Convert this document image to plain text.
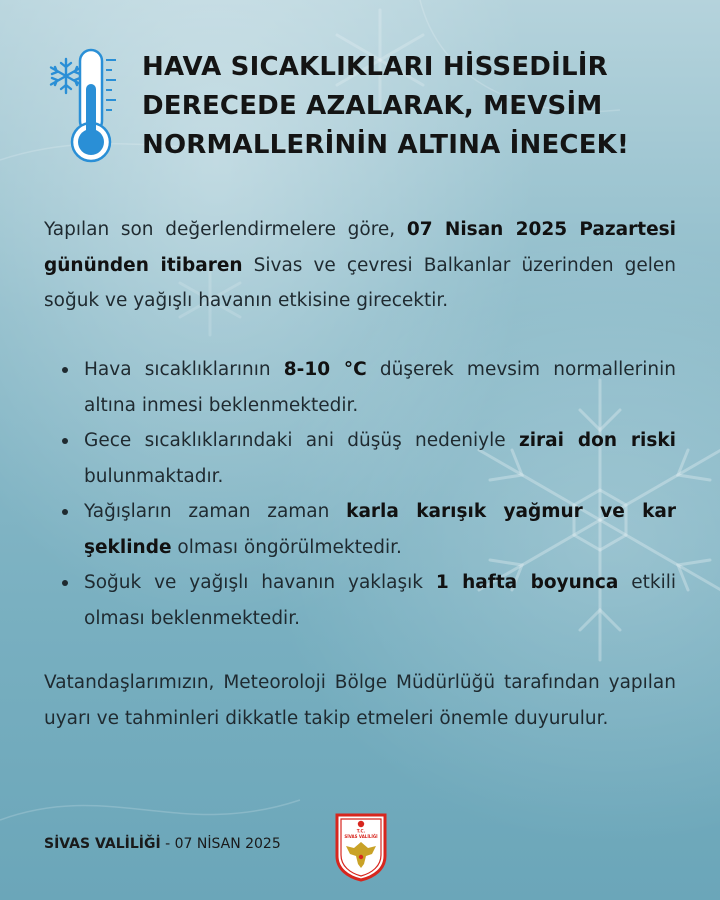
HAVA SICAKLIKLARI HİSSEDİLİR
DERECEDE AZALARAK, MEVSİM
NORMALLERİNİN ALTINA İNECEK!

Yapılan son değerlendirmelere göre, 07 Nisan 2025 Pazartesi gününden itibaren Sivas ve çevresi Balkanlar üzerinden gelen soğuk ve yağışlı havanın etkisine girecektir.

Hava sıcaklıklarının 8-10 °C düşerek mevsim normallerinin altına inmesi beklenmektedir.
Gece sıcaklıklarındaki ani düşüş nedeniyle zirai don riski bulunmaktadır.
Yağışların zaman zaman karla karışık yağmur ve kar şeklinde olması öngörülmektedir.
Soğuk ve yağışlı havanın yaklaşık 1 hafta boyunca etkili olması beklenmektedir.

Vatandaşlarımızın, Meteoroloji Bölge Müdürlüğü tarafından yapılan uyarı ve tahminleri dikkatle takip etmeleri önemle duyurulur.

SİVAS VALİLİĞİ - 07 NİSAN 2025
T.C.
SİVAS VALİLİĞİ
